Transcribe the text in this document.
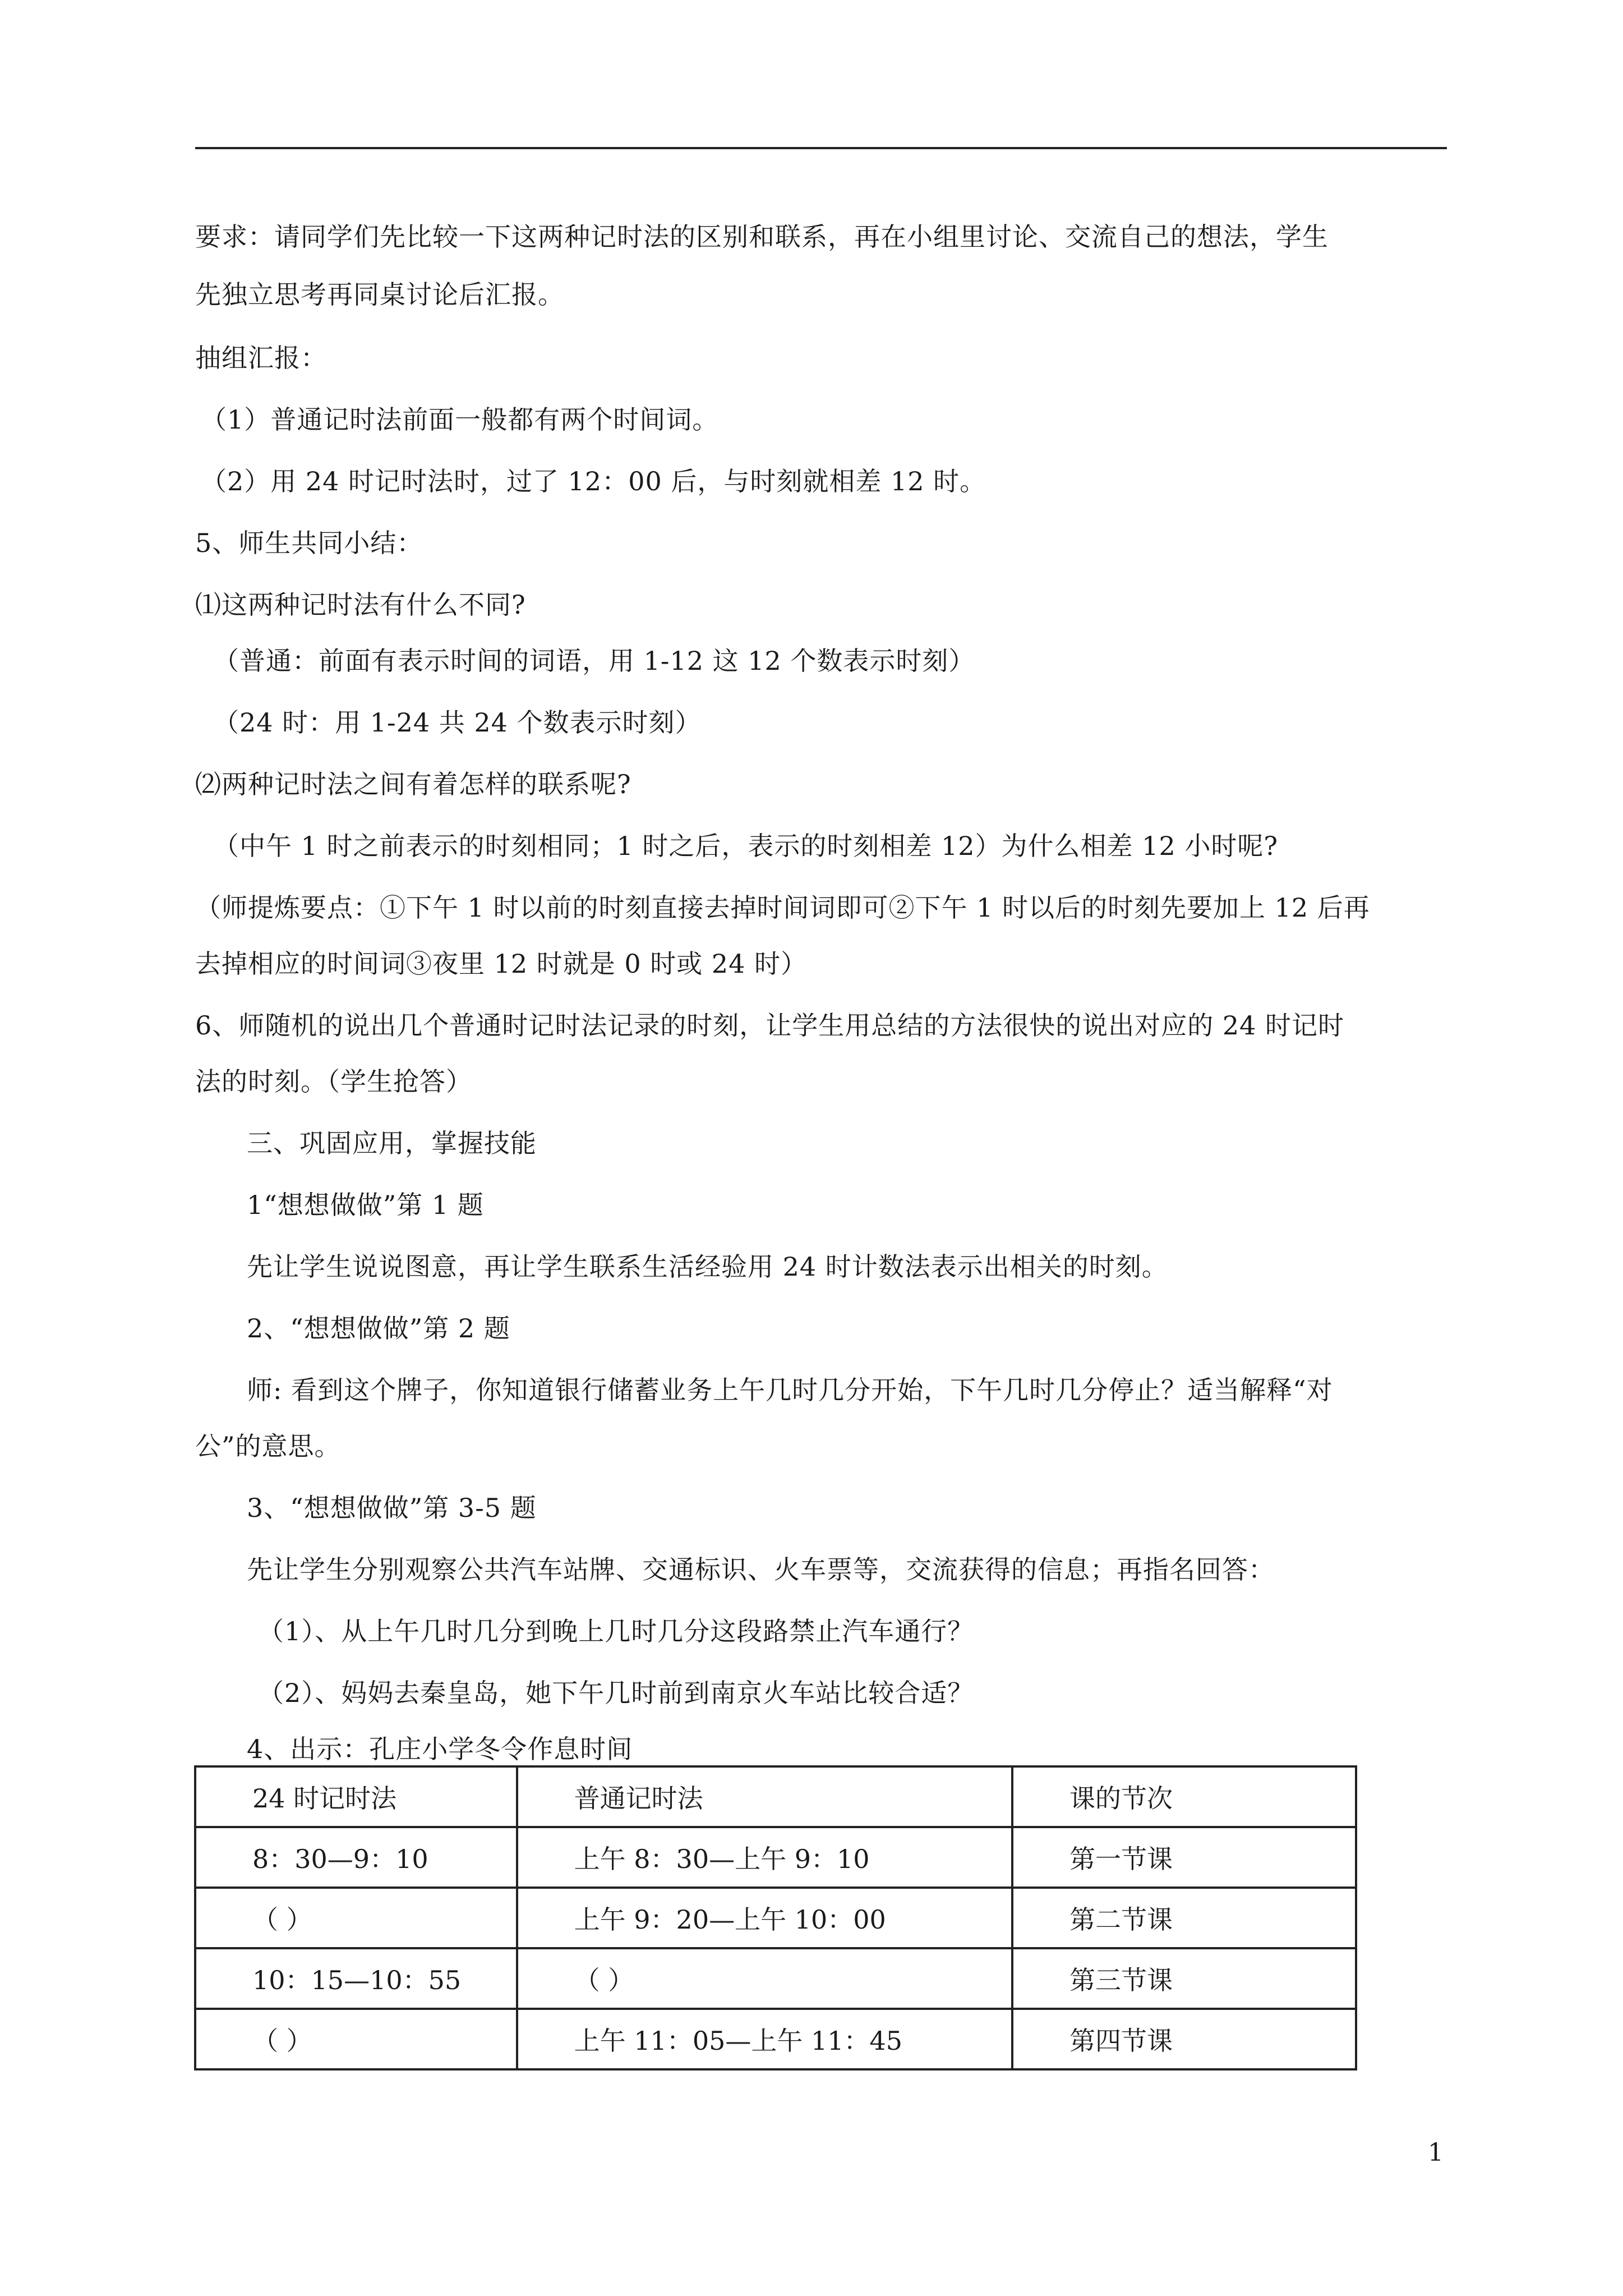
要求：请同学们先比较一下这两种记时法的区别和联系，再在小组里讨论、交流自己的想法，学生
先独立思考再同桌讨论后汇报。
抽组汇报：
（1）普通记时法前面一般都有两个时间词。
（2）用 24 时记时法时，过了 12：00 后，与时刻就相差 12 时。
5、师生共同小结：
⑴这两种记时法有什么不同?
（普通：前面有表示时间的词语，用 1-12 这 12 个数表示时刻）
（24 时：用 1-24 共 24 个数表示时刻）
⑵两种记时法之间有着怎样的联系呢?
（中午 1 时之前表示的时刻相同；1 时之后，表示的时刻相差 12）为什么相差 12 小时呢?
（师提炼要点：①下午 1 时以前的时刻直接去掉时间词即可②下午 1 时以后的时刻先要加上 12 后再
去掉相应的时间词③夜里 12 时就是 0 时或 24 时）
6、师随机的说出几个普通时记时法记录的时刻，让学生用总结的方法很快的说出对应的 24 时记时
法的时刻。（学生抢答）
三、巩固应用，掌握技能
1“想想做做”第 1 题
先让学生说说图意，再让学生联系生活经验用 24 时计数法表示出相关的时刻。
2、“想想做做”第 2 题
师: 看到这个牌子，你知道银行储蓄业务上午几时几分开始，下午几时几分停止？适当解释“对
公”的意思。
3、“想想做做”第 3-5 题
先让学生分别观察公共汽车站牌、交通标识、火车票等，交流获得的信息；再指名回答：
（1）、从上午几时几分到晚上几时几分这段路禁止汽车通行？
（2）、妈妈去秦皇岛，她下午几时前到南京火车站比较合适？
4、出示：孔庄小学冬令作息时间
24 时记时法	普通记时法	课的节次
8：30—9：10	上午 8：30—上午 9：10	第一节课
（ ）	上午 9：20—上午 10：00	第二节课
10：15—10：55	（ ）	第三节课
（ ）	上午 11：05—上午 11：45	第四节课
1
